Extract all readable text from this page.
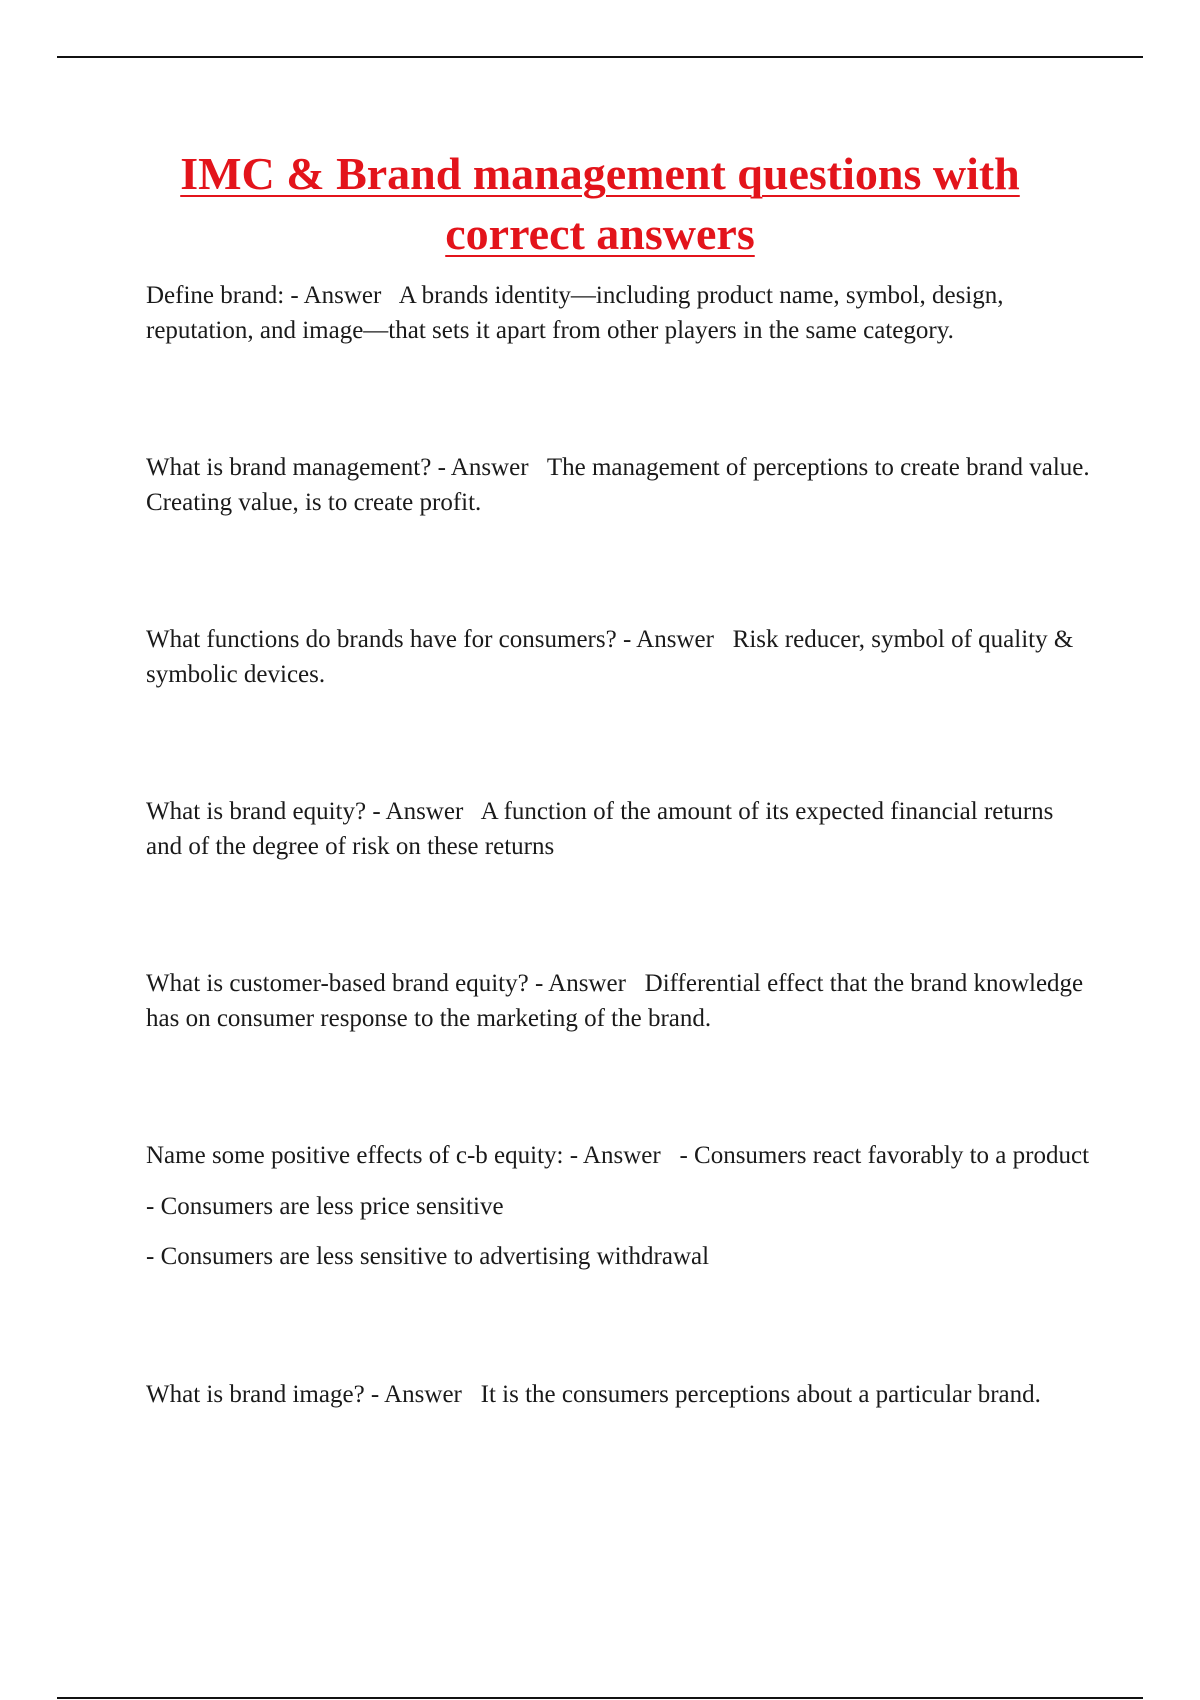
IMC & Brand management questions with correct answers

Define brand: - Answer   A brands identity—including product name, symbol, design, reputation, and image—that sets it apart from other players in the same category.

What is brand management? - Answer   The management of perceptions to create brand value. Creating value, is to create profit.

What functions do brands have for consumers? - Answer   Risk reducer, symbol of quality & symbolic devices.

What is brand equity? - Answer   A function of the amount of its expected financial returns and of the degree of risk on these returns

What is customer-based brand equity? - Answer   Differential effect that the brand knowledge has on consumer response to the marketing of the brand.

Name some positive effects of c-b equity: - Answer   - Consumers react favorably to a product

- Consumers are less price sensitive

- Consumers are less sensitive to advertising withdrawal

What is brand image? - Answer   It is the consumers perceptions about a particular brand.
